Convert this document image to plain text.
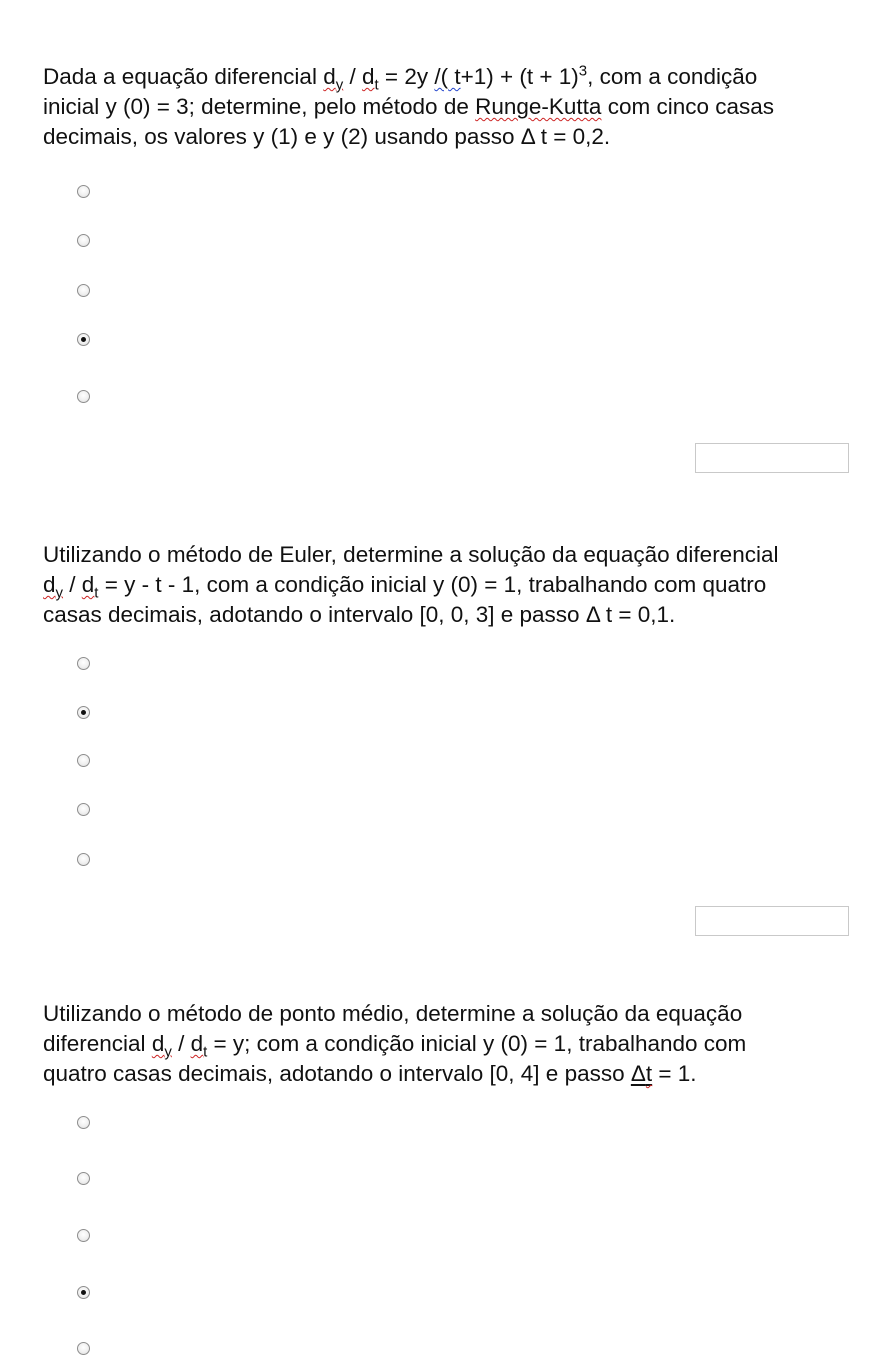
Dada a equação diferencial $d_y / d_t = 2y$ /( $t+1) + (t + 1)^3$, com a condição
inicial y (0) = 3; determine, pelo método de Runge-Kutta com cinco casas
decimais, os valores y (1) e y (2) usando passo Δ t = 0,2.
Utilizando o método de Euler, determine a solução da equação diferencial
$d_y / d_t = y - t - 1$, com a condição inicial y (0) = 1, trabalhando com quatro
casas decimais, adotando o intervalo [0, 0, 3] e passo Δ t = 0,1.
Utilizando o método de ponto médio, determine a solução da equação
diferencial $d_y / d_t = y$; com a condição inicial y (0) = 1, trabalhando com
quatro casas decimais, adotando o intervalo [0, 4] e passo Δt = 1.
